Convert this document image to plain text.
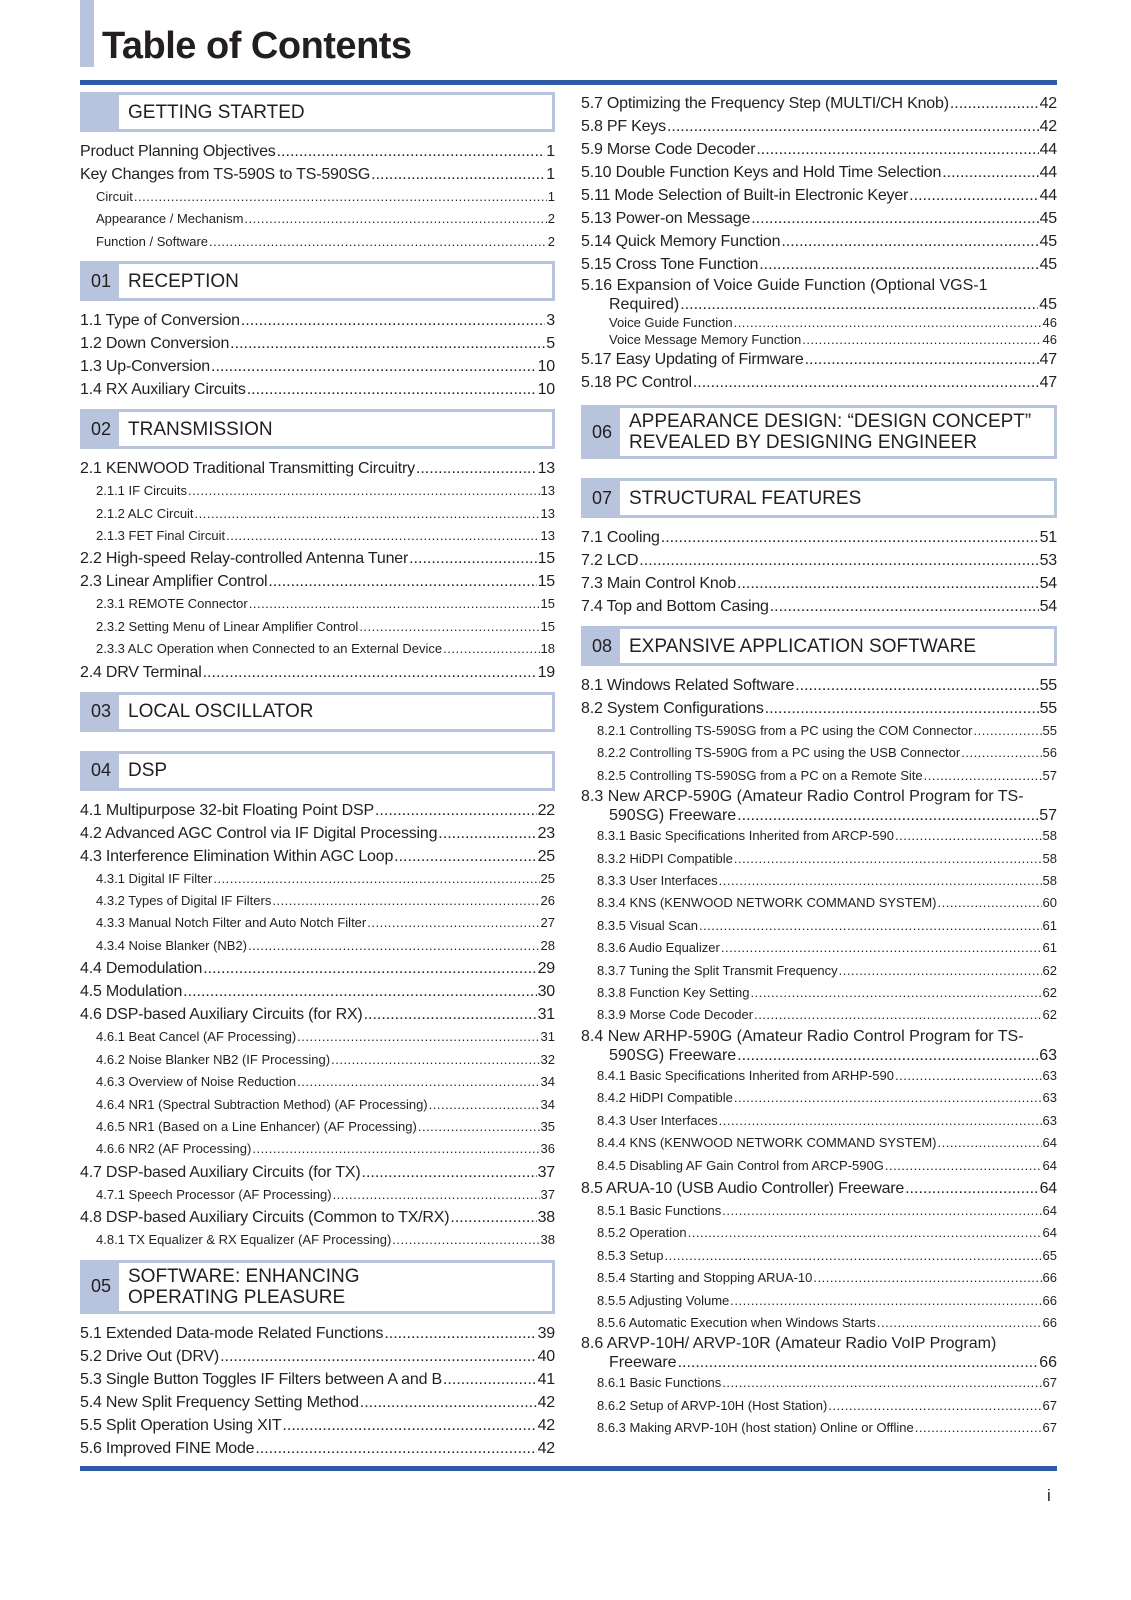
Table of Contents
GETTING STARTED
Product Planning Objectives .....	1
Key Changes from TS-590S to TS-590SG .....	1
Circuit .....	1
Appearance / Mechanism .....	2
Function / Software .....	2
01 RECEPTION
1.1 Type of Conversion .....	3
1.2 Down Conversion .....	5
1.3 Up-Conversion .....	10
1.4 RX Auxiliary Circuits .....	10
02 TRANSMISSION
2.1 KENWOOD Traditional Transmitting Circuitry .....	13
2.1.1 IF Circuits .....	13
2.1.2 ALC Circuit .....	13
2.1.3 FET Final Circuit .....	13
2.2 High-speed Relay-controlled Antenna Tuner .....	15
2.3 Linear Amplifier Control .....	15
2.3.1 REMOTE Connector .....	15
2.3.2 Setting Menu of Linear Amplifier Control .....	15
2.3.3 ALC Operation when Connected to an External Device .....	18
2.4 DRV Terminal .....	19
03 LOCAL OSCILLATOR
04 DSP
4.1 Multipurpose 32-bit Floating Point DSP .....	22
4.2 Advanced AGC Control via IF Digital Processing .....	23
4.3 Interference Elimination Within AGC Loop .....	25
4.3.1 Digital IF Filter .....	25
4.3.2 Types of Digital IF Filters .....	26
4.3.3 Manual Notch Filter and Auto Notch Filter .....	27
4.3.4 Noise Blanker (NB2) .....	28
4.4 Demodulation .....	29
4.5 Modulation .....	30
4.6 DSP-based Auxiliary Circuits (for RX) .....	31
4.6.1 Beat Cancel (AF Processing) .....	31
4.6.2 Noise Blanker NB2 (IF Processing) .....	32
4.6.3 Overview of Noise Reduction .....	34
4.6.4 NR1 (Spectral Subtraction Method) (AF Processing) .....	34
4.6.5 NR1 (Based on a Line Enhancer) (AF Processing) .....	35
4.6.6 NR2 (AF Processing) .....	36
4.7 DSP-based Auxiliary Circuits (for TX) .....	37
4.7.1 Speech Processor (AF Processing) .....	37
4.8 DSP-based Auxiliary Circuits (Common to TX/RX) .....	38
4.8.1 TX Equalizer & RX Equalizer (AF Processing) .....	38
05 SOFTWARE: ENHANCING
OPERATING PLEASURE
5.1 Extended Data-mode Related Functions .....	39
5.2 Drive Out (DRV) .....	40
5.3 Single Button Toggles IF Filters between A and B .....	41
5.4 New Split Frequency Setting Method .....	42
5.5 Split Operation Using XIT .....	42
5.6 Improved FINE Mode .....	42
5.7 Optimizing the Frequency Step (MULTI/CH Knob) .....	42
5.8 PF Keys .....	42
5.9 Morse Code Decoder .....	44
5.10 Double Function Keys and Hold Time Selection .....	44
5.11 Mode Selection of Built-in Electronic Keyer .....	44
5.13 Power-on Message .....	45
5.14 Quick Memory Function .....	45
5.15 Cross Tone Function .....	45
5.16 Expansion of Voice Guide Function (Optional VGS-1
Required) .....	45
Voice Guide Function .....	46
Voice Message Memory Function .....	46
5.17 Easy Updating of Firmware .....	47
5.18 PC Control .....	47
06 APPEARANCE DESIGN: “DESIGN CONCEPT”
REVEALED BY DESIGNING ENGINEER
07 STRUCTURAL FEATURES
7.1 Cooling .....	51
7.2 LCD .....	53
7.3 Main Control Knob .....	54
7.4 Top and Bottom Casing .....	54
08 EXPANSIVE APPLICATION SOFTWARE
8.1 Windows Related Software .....	55
8.2 System Configurations .....	55
8.2.1 Controlling TS-590SG from a PC using the COM Connector .....	55
8.2.2 Controlling TS-590G from a PC using the USB Connector .....	56
8.2.5 Controlling TS-590SG from a PC on a Remote Site .....	57
8.3 New ARCP-590G (Amateur Radio Control Program for TS-
590SG) Freeware .....	57
8.3.1 Basic Specifications Inherited from ARCP-590 .....	58
8.3.2 HiDPI Compatible .....	58
8.3.3 User Interfaces .....	58
8.3.4 KNS (KENWOOD NETWORK COMMAND SYSTEM) .....	60
8.3.5 Visual Scan .....	61
8.3.6 Audio Equalizer .....	61
8.3.7 Tuning the Split Transmit Frequency .....	62
8.3.8 Function Key Setting .....	62
8.3.9 Morse Code Decoder .....	62
8.4 New ARHP-590G (Amateur Radio Control Program for TS-
590SG) Freeware .....	63
8.4.1 Basic Specifications Inherited from ARHP-590 .....	63
8.4.2 HiDPI Compatible .....	63
8.4.3 User Interfaces .....	63
8.4.4 KNS (KENWOOD NETWORK COMMAND SYSTEM) .....	64
8.4.5 Disabling AF Gain Control from ARCP-590G .....	64
8.5 ARUA-10 (USB Audio Controller) Freeware .....	64
8.5.1 Basic Functions .....	64
8.5.2 Operation .....	64
8.5.3 Setup .....	65
8.5.4 Starting and Stopping ARUA-10 .....	66
8.5.5 Adjusting Volume .....	66
8.5.6 Automatic Execution when Windows Starts .....	66
8.6 ARVP-10H/ ARVP-10R (Amateur Radio VoIP Program)
Freeware .....	66
8.6.1 Basic Functions .....	67
8.6.2 Setup of ARVP-10H (Host Station) .....	67
8.6.3 Making ARVP-10H (host station) Online or Offline .....	67
i
